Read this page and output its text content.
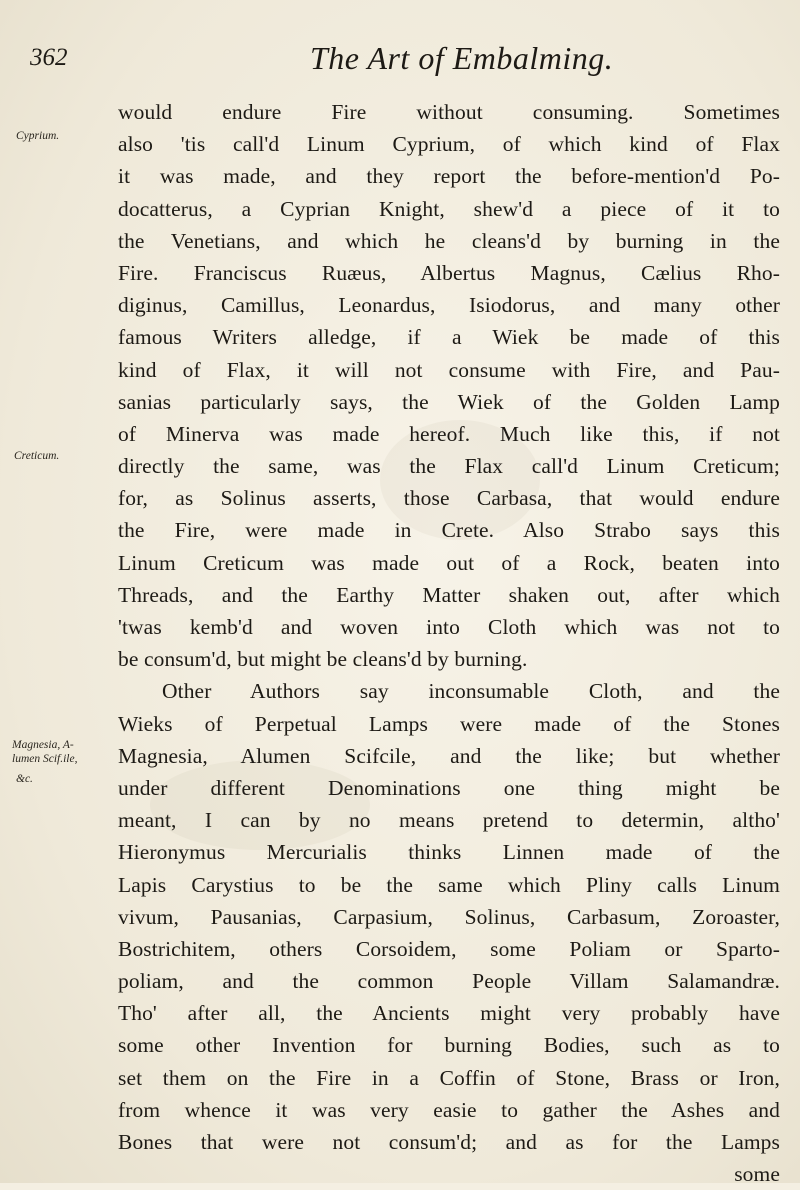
362	The Art of Embalming.
Cyprium.
Creticum.
Magnesia, A-
lumen Scif.ile,
&c.
would endure Fire without consuming. Sometimes
also 'tis call'd Linum Cyprium, of which kind of Flax
it was made, and they report the before-mention'd Po-
docatterus, a Cyprian Knight, shew'd a piece of it to
the Venetians, and which he cleans'd by burning in the
Fire. Franciscus Ruæus, Albertus Magnus, Cælius Rho-
diginus, Camillus, Leonardus, Isiodorus, and many other
famous Writers alledge, if a Wiek be made of this
kind of Flax, it will not consume with Fire, and Pau-
sanias particularly says, the Wiek of the Golden Lamp
of Minerva was made hereof. Much like this, if not
directly the same, was the Flax call'd Linum Creticum;
for, as Solinus asserts, those Carbasa, that would endure
the Fire, were made in Crete. Also Strabo says this
Linum Creticum was made out of a Rock, beaten into
Threads, and the Earthy Matter shaken out, after which
'twas kemb'd and woven into Cloth which was not to
be consum'd, but might be cleans'd by burning.
Other Authors say inconsumable Cloth, and the
Wieks of Perpetual Lamps were made of the Stones
Magnesia, Alumen Scifcile, and the like; but whether
under different Denominations one thing might be
meant, I can by no means pretend to determin, altho'
Hieronymus Mercurialis thinks Linnen made of the
Lapis Carystius to be the same which Pliny calls Linum
vivum, Pausanias, Carpasium, Solinus, Carbasum, Zoroaster,
Bostrichitem, others Corsoidem, some Poliam or Sparto-
poliam, and the common People Villam Salamandræ.
Tho' after all, the Ancients might very probably have
some other Invention for burning Bodies, such as to
set them on the Fire in a Coffin of Stone, Brass or Iron,
from whence it was very easie to gather the Ashes and
Bones that were not consum'd; and as for the Lamps
some
